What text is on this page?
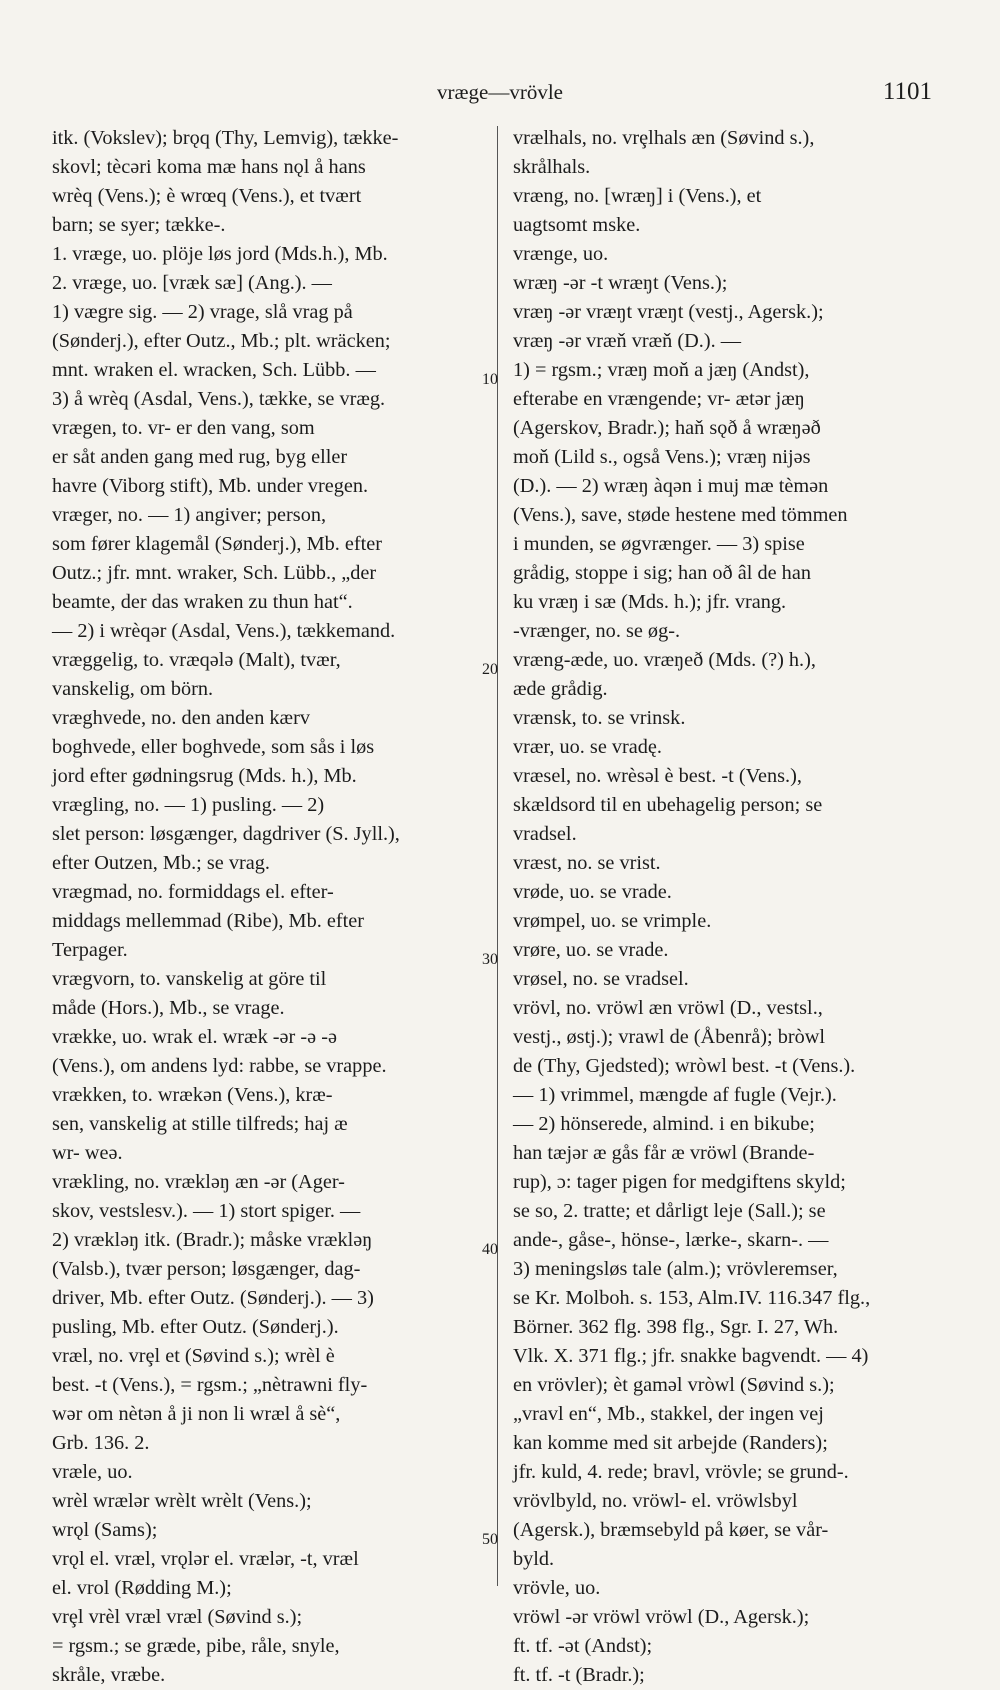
vræge—vrövle	1101
itk. (Vokslev); brǫq (Thy, Lemvig), tække-
skovl; tècəri koma mæ hans nǫl å hans
wrèq (Vens.); è wrœq (Vens.), et tvært
barn; se syer; tække-.
1. vræge, uo. plöje løs jord (Mds.h.), Mb.
2. vræge, uo. [vræk sæ] (Ang.). —
1) vægre sig. — 2) vrage, slå vrag på
(Sønderj.), efter Outz., Mb.; plt. wräcken;
mnt. wraken el. wracken, Sch. Lübb. —
3) å wrèq (Asdal, Vens.), tække, se vræg.
vrægen, to. vr- er den vang, som
er såt anden gang med rug, byg eller
havre (Viborg stift), Mb. under vregen.
vræger, no. — 1) angiver; person,
som fører klagemål (Sønderj.), Mb. efter
Outz.; jfr. mnt. wraker, Sch. Lübb., „der
beamte, der das wraken zu thun hat“.
— 2) i wrèqər (Asdal, Vens.), tækkemand.
vræggelig, to. vræqələ (Malt), tvær,
vanskelig, om börn.
vræghvede, no. den anden kærv
boghvede, eller boghvede, som sås i løs
jord efter gødningsrug (Mds. h.), Mb.
vrægling, no. — 1) pusling. — 2)
slet person: løsgænger, dagdriver (S. Jyll.),
efter Outzen, Mb.; se vrag.
vrægmad, no. formiddags el. efter-
middags mellemmad (Ribe), Mb. efter
Terpager.
vrægvorn, to. vanskelig at göre til
måde (Hors.), Mb., se vrage.
vrække, uo. wrak el. wræk -ər -ə -ə
(Vens.), om andens lyd: rabbe, se vrappe.
vrækken, to. wrækən (Vens.), kræ-
sen, vanskelig at stille tilfreds; haj æ
wr- weə.
vrækling, no. vrækləŋ æn -ər (Ager-
skov, vestslesv.). — 1) stort spiger. —
2) vrækləŋ itk. (Bradr.); måske vrækləŋ
(Valsb.), tvær person; løsgænger, dag-
driver, Mb. efter Outz. (Sønderj.). — 3)
pusling, Mb. efter Outz. (Sønderj.).
vræl, no. vrȩl et (Søvind s.); wrèl è
best. -t (Vens.), = rgsm.; „nètrawni fly-
wər om nètən å ji non li wræl å sè“,
Grb. 136. 2.
vræle, uo.
wrèl wrælər wrèlt wrèlt (Vens.);
wrǫl (Sams);
vrǫl el. vræl, vrǫlər el. vrælər, -t, vræl
el. vrol (Rødding M.);
vrȩl vrèl vræl vræl (Søvind s.);
= rgsm.; se græde, pibe, råle, snyle,
skråle, vræbe.
vrælhals, no. vrȩlhals æn (Søvind s.),
skrålhals.
vræng, no. [wræŋ] i (Vens.), et
uagtsomt mske.
vrænge, uo.
wræŋ -ər -t wræŋt (Vens.);
vræŋ -ər vræŋt vræŋt (vestj., Agersk.);
vræŋ -ər vræň vræň (D.). —
1) = rgsm.; vræŋ moň a jæŋ (Andst),
efterabe en vrængende; vr- ætər jæŋ
(Agerskov, Bradr.); haň sǫð å wræŋəð
moň (Lild s., også Vens.); vræŋ nijəs
(D.). — 2) wræŋ àqən i muj mæ tèmən
(Vens.), save, støde hestene med tömmen
i munden, se øgvrænger. — 3) spise
grådig, stoppe i sig; han oð âl de han
ku vræŋ i sæ (Mds. h.); jfr. vrang.
-vrænger, no. se øg-.
vræng-æde, uo. vræŋeð (Mds. (?) h.),
æde grådig.
vrænsk, to. se vrinsk.
vrær, uo. se vradę.
vræsel, no. wrèsəl è best. -t (Vens.),
skældsord til en ubehagelig person; se
vradsel.
vræst, no. se vrist.
vrøde, uo. se vrade.
vrømpel, uo. se vrimple.
vrøre, uo. se vrade.
vrøsel, no. se vradsel.
vrövl, no. vröwl æn vröwl (D., vestsl.,
vestj., østj.); vrawl de (Åbenrå); bròwl
de (Thy, Gjedsted); wròwl best. -t (Vens.).
— 1) vrimmel, mængde af fugle (Vejr.).
— 2) hönserede, almind. i en bikube;
han tæjər æ gås får æ vröwl (Brande-
rup), ɔ: tager pigen for medgiftens skyld;
se so, 2. tratte; et dårligt leje (Sall.); se
ande-, gåse-, hönse-, lærke-, skarn-. —
3) meningsløs tale (alm.); vrövleremser,
se Kr. Molboh. s. 153, Alm.IV. 116.347 flg.,
Börner. 362 flg. 398 flg., Sgr. I. 27, Wh.
Vlk. X. 371 flg.; jfr. snakke bagvendt. — 4)
en vrövler); èt gaməl vròwl (Søvind s.);
„vravl en“, Mb., stakkel, der ingen vej
kan komme med sit arbejde (Randers);
jfr. kuld, 4. rede; bravl, vrövle; se grund-.
vrövlbyld, no. vröwl- el. vröwlsbyl
(Agersk.), bræmsebyld på køer, se vår-
byld.
vrövle, uo.
vröwl -ər vröwl vröwl (D., Agersk.);
ft. tf. -ət (Andst);
ft. tf. -t (Bradr.);
10
20
30
40
50
